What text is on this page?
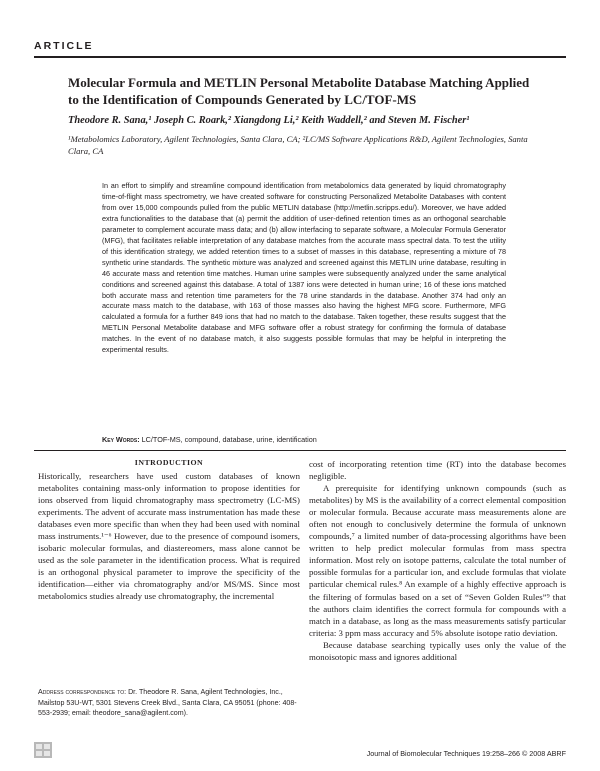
ARTICLE
Molecular Formula and METLIN Personal Metabolite Database Matching Applied to the Identification of Compounds Generated by LC/TOF-MS
Theodore R. Sana,¹ Joseph C. Roark,² Xiangdong Li,² Keith Waddell,² and Steven M. Fischer¹
¹Metabolomics Laboratory, Agilent Technologies, Santa Clara, CA; ²LC/MS Software Applications R&D, Agilent Technologies, Santa Clara, CA

In an effort to simplify and streamline compound identification from metabolomics data generated by liquid chromatography time-of-flight mass spectrometry, we have created software for constructing Personalized Metabolite Databases with content from over 15,000 compounds pulled from the public METLIN database (http://metlin.scripps.edu/). Moreover, we have added extra functionalities to the database that (a) permit the addition of user-defined retention times as an orthogonal searchable parameter to complement accurate mass data; and (b) allow interfacing to separate software, a Molecular Formula Generator (MFG), that facilitates reliable interpretation of any database matches from the accurate mass spectral data. To test the utility of this identification strategy, we added retention times to a subset of masses in this database, representing a mixture of 78 synthetic urine standards. The synthetic mixture was analyzed and screened against this METLIN urine database, resulting in 46 accurate mass and retention time matches. Human urine samples were subsequently analyzed under the same analytical conditions and screened against this database. A total of 1387 ions were detected in human urine; 16 of these ions matched both accurate mass and retention time parameters for the 78 urine standards in the database. Another 374 had only an accurate mass match to the database, with 163 of those masses also having the highest MFG score. Furthermore, MFG calculated a formula for a further 849 ions that had no match to the database. Taken together, these results suggest that the METLIN Personal Metabolite database and MFG software offer a robust strategy for confirming the formula of database matches. In the event of no database match, it also suggests possible formulas that may be helpful in interpreting the experimental results.

Key Words: LC/TOF-MS, compound, database, urine, identification
INTRODUCTION

Historically, researchers have used custom databases of known metabolites containing mass-only information to propose identities for ions observed from liquid chromatography mass spectrometry (LC-MS) experiments. The advent of accurate mass instrumentation has made these databases even more specific than when they had been used with nominal mass instruments.¹⁻⁶ However, due to the presence of compound isomers, isobaric molecular formulas, and diastereomers, mass alone cannot be used as the sole parameter in the identification process. What is required is an orthogonal physical parameter to improve the specificity of the identification—either via chromatography and/or MS/MS. Since most metabolomics studies already use chromatography, the incremental

cost of incorporating retention time (RT) into the database becomes negligible.

A prerequisite for identifying unknown compounds (such as metabolites) by MS is the availability of a correct elemental composition or molecular formula. Because accurate mass measurements alone are often not enough to conclusively determine the formula of unknown compounds,⁷ a limited number of data-processing algorithms have been written to help predict molecular formulas from mass spectra information. Most rely on isotope patterns, calculate the total number of possible formulas for a particular ion, and exclude formulas that violate particular chemical rules.⁸ An example of a highly effective approach is the filtering of formulas based on a set of “Seven Golden Rules”⁹ that the authors claim identifies the correct formula for compounds with a match in a database, as long as the mass measurements satisfy particular criteria: 3 ppm mass accuracy and 5% absolute isotope ratio deviation.

Because database searching typically uses only the value of the monoisotopic mass and ignores additional

Address correspondence to: Dr. Theodore R. Sana, Agilent Technologies, Inc., Mailstop 53U-WT, 5301 Stevens Creek Blvd., Santa Clara, CA 95051 (phone: 408-553-2939; email: theodore_sana@agilent.com).
Journal of Biomolecular Techniques 19:258–266 © 2008 ABRF
